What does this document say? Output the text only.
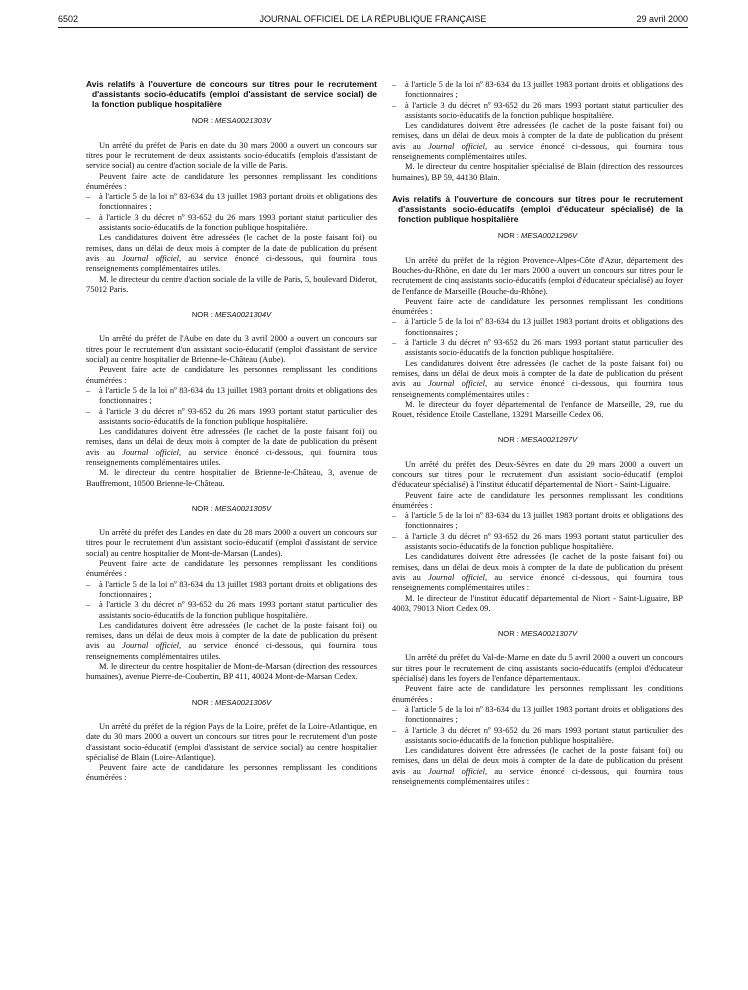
6502	JOURNAL OFFICIEL DE LA RÉPUBLIQUE FRANÇAISE	29 avril 2000

Avis relatifs à l'ouverture de concours sur titres pour le recrutement d'assistants socio-éducatifs (emploi d'assistant de service social) de la fonction publique hospitalière

NOR : MESA0021303V

Un arrêté du préfet de Paris en date du 30 mars 2000 a ouvert un concours sur titres pour le recrutement de deux assistants socio-éducatifs (emplois d'assistant de service social) au centre d'action sociale de la ville de Paris.

Peuvent faire acte de candidature les personnes remplissant les conditions énumérées :

–	à l'article 5 de la loi nº 83-634 du 13 juillet 1983 portant droits et obligations des fonctionnaires ;
–	à l'article 3 du décret nº 93-652 du 26 mars 1993 portant statut particulier des assistants socio-éducatifs de la fonction publique hospitalière.

Les candidatures doivent être adressées (le cachet de la poste faisant foi) ou remises, dans un délai de deux mois à compter de la date de publication du présent avis au Journal officiel, au service énoncé ci-dessous, qui fournira tous renseignements complémentaires utiles.

M. le directeur du centre d'action sociale de la ville de Paris, 5, boulevard Diderot, 75012 Paris.

NOR : MESA0021304V

Un arrêté du préfet de l'Aube en date du 3 avril 2000 a ouvert un concours sur titres pour le recrutement d'un assistant socio-éducatif (emploi d'assistant de service social) au centre hospitalier de Brienne-le-Château (Aube).

Peuvent faire acte de candidature les personnes remplissant les conditions énumérées :

–	à l'article 5 de la loi nº 83-634 du 13 juillet 1983 portant droits et obligations des fonctionnaires ;
–	à l'article 3 du décret nº 93-652 du 26 mars 1993 portant statut particulier des assistants socio-éducatifs de la fonction publique hospitalière.

Les candidatures doivent être adressées (le cachet de la poste faisant foi) ou remises, dans un délai de deux mois à compter de la date de publication du présent avis au Journal officiel, au service énoncé ci-dessous, qui fournira tous renseignements complémentaires utiles.

M. le directeur du centre hospitalier de Brienne-le-Château, 3, avenue de Bauffremont, 10500 Brienne-le-Château.

NOR : MESA0021305V

Un arrêté du préfet des Landes en date du 28 mars 2000 a ouvert un concours sur titres pour le recrutement d'un assistant socio-éducatif (emploi d'assistant de service social) au centre hospitalier de Mont-de-Marsan (Landes).

Peuvent faire acte de candidature les personnes remplissant les conditions énumérées :

–	à l'article 5 de la loi nº 83-634 du 13 juillet 1983 portant droits et obligations des fonctionnaires ;
–	à l'article 3 du décret nº 93-652 du 26 mars 1993 portant statut particulier des assistants socio-éducatifs de la fonction publique hospitalière.

Les candidatures doivent être adressées (le cachet de la poste faisant foi) ou remises, dans un délai de deux mois à compter de la date de publication du présent avis au Journal officiel, au service énoncé ci-dessous, qui fournira tous renseignements complémentaires utiles.

M. le directeur du centre hospitalier de Mont-de-Marsan (direction des ressources humaines), avenue Pierre-de-Coubertin, BP 411, 40024 Mont-de-Marsan Cedex.

NOR : MESA0021306V

Un arrêté du préfet de la région Pays de la Loire, préfet de la Loire-Atlantique, en date du 30 mars 2000 a ouvert un concours sur titres pour le recrutement d'un poste d'assistant socio-éducatif (emploi d'assistant de service social) au centre hospitalier spécialisé de Blain (Loire-Atlantique).

Peuvent faire acte de candidature les personnes remplissant les conditions énumérées :

–	à l'article 5 de la loi nº 83-634 du 13 juillet 1983 portant droits et obligations des fonctionnaires ;
–	à l'article 3 du décret nº 93-652 du 26 mars 1993 portant statut particulier des assistants socio-éducatifs de la fonction publique hospitalière.

Les candidatures doivent être adressées (le cachet de la poste faisant foi) ou remises, dans un délai de deux mois à compter de la date de publication du présent avis au Journal officiel, au service énoncé ci-dessous, qui fournira tous renseignements complémentaires utiles.

M. le directeur du centre hospitalier spécialisé de Blain (direction des ressources humaines), BP 59, 44130 Blain.

Avis relatifs à l'ouverture de concours sur titres pour le recrutement d'assistants socio-éducatifs (emploi d'éducateur spécialisé) de la fonction publique hospitalière

NOR : MESA0021296V

Un arrêté du préfet de la région Provence-Alpes-Côte d'Azur, département des Bouches-du-Rhône, en date du 1er mars 2000 a ouvert un concours sur titres pour le recrutement de cinq assistants socio-éducatifs (emploi d'éducateur spécialisé) au foyer de l'enfance de Marseille (Bouche-du-Rhône).

Peuvent faire acte de candidature les personnes remplissant les conditions énumérées :

–	à l'article 5 de la loi nº 83-634 du 13 juillet 1983 portant droits et obligations des fonctionnaires ;
–	à l'article 3 du décret nº 93-652 du 26 mars 1993 portant statut particulier des assistants socio-éducatifs de la fonction publique hospitalière.

Les candidatures doivent être adressées (le cachet de la poste faisant foi) ou remises, dans un délai de deux mois à compter de la date de publication du présent avis au Journal officiel, au service énoncé ci-dessous, qui fournira tous renseignements complémentaires utiles :

M. le directeur du foyer départemental de l'enfance de Marseille, 29, rue du Rouet, résidence Etoile Castellane, 13291 Marseille Cedex 06.

NOR : MESA0021297V

Un arrêté du préfet des Deux-Sèvres en date du 29 mars 2000 a ouvert un concours sur titres pour le recrutement d'un assistant socio-éducatif (emploi d'éducateur spécialisé) à l'institut éducatif départemental de Niort - Saint-Liguaire.

Peuvent faire acte de candidature les personnes remplissant les conditions énumérées :

–	à l'article 5 de la loi nº 83-634 du 13 juillet 1983 portant droits et obligations des fonctionnaires ;
–	à l'article 3 du décret nº 93-652 du 26 mars 1993 portant statut particulier des assistants socio-éducatifs de la fonction publique hospitalière.

Les candidatures doivent être adressées (le cachet de la poste faisant foi) ou remises, dans un délai de deux mois à compter de la date de publication du présent avis au Journal officiel, au service énoncé ci-dessous, qui fournira tous renseignements complémentaires utiles :

M. le directeur de l'institut éducatif départemental de Niort - Saint-Liguaire, BP 4003, 79013 Niort Cedex 09.

NOR : MESA0021307V

Un arrêté du préfet du Val-de-Marne en date du 5 avril 2000 a ouvert un concours sur titres pour le recrutement de cinq assistants socio-éducatifs (emploi d'éducateur spécialisé) dans les foyers de l'enfance départementaux.

Peuvent faire acte de candidature les personnes remplissant les conditions énumérées :

–	à l'article 5 de la loi nº 83-634 du 13 juillet 1983 portant droits et obligations des fonctionnaires ;
–	à l'article 3 du décret nº 93-652 du 26 mars 1993 portant statut particulier des assistants socio-éducatifs de la fonction publique hospitalière.

Les candidatures doivent être adressées (le cachet de la poste faisant foi) ou remises, dans un délai de deux mois à compter de la date de publication du présent avis au Journal officiel, au service énoncé ci-dessous, qui fournira tous renseignements complémentaires utiles :
